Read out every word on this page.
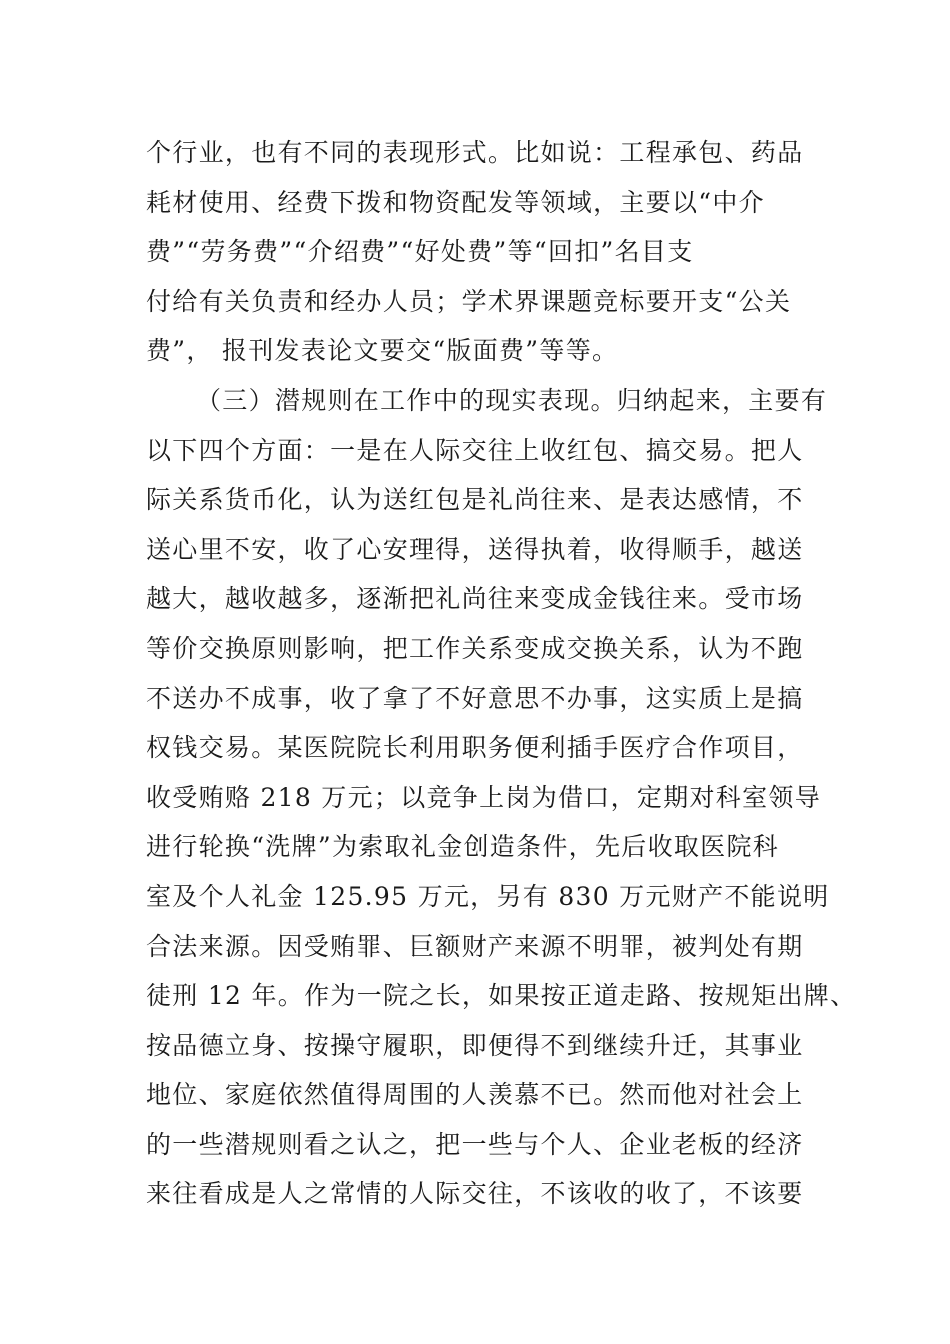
个行业，也有不同的表现形式。比如说：工程承包、药品
耗材使用、经费下拨和物资配发等领域，主要以“中介
费”“劳务费”“介绍费”“好处费”等“回扣”名目支
付给有关负责和经办人员；学术界课题竞标要开支“公关
费”， 报刊发表论文要交“版面费”等等。
（三）潜规则在工作中的现实表现。归纳起来，主要有
以下四个方面：一是在人际交往上收红包、搞交易。把人
际关系货币化，认为送红包是礼尚往来、是表达感情，不
送心里不安，收了心安理得，送得执着，收得顺手，越送
越大，越收越多，逐渐把礼尚往来变成金钱往来。受市场
等价交换原则影响，把工作关系变成交换关系，认为不跑
不送办不成事，收了拿了不好意思不办事，这实质上是搞
权钱交易。某医院院长利用职务便利插手医疗合作项目，
收受贿赂 218 万元；以竞争上岗为借口，定期对科室领导
进行轮换“洗牌”为索取礼金创造条件，先后收取医院科
室及个人礼金 125.95 万元，另有 830 万元财产不能说明
合法来源。因受贿罪、巨额财产来源不明罪，被判处有期
徒刑 12 年。作为一院之长，如果按正道走路、按规矩出牌、
按品德立身、按操守履职，即便得不到继续升迁，其事业
地位、家庭依然值得周围的人羡慕不已。然而他对社会上
的一些潜规则看之认之，把一些与个人、企业老板的经济
来往看成是人之常情的人际交往，不该收的收了，不该要
